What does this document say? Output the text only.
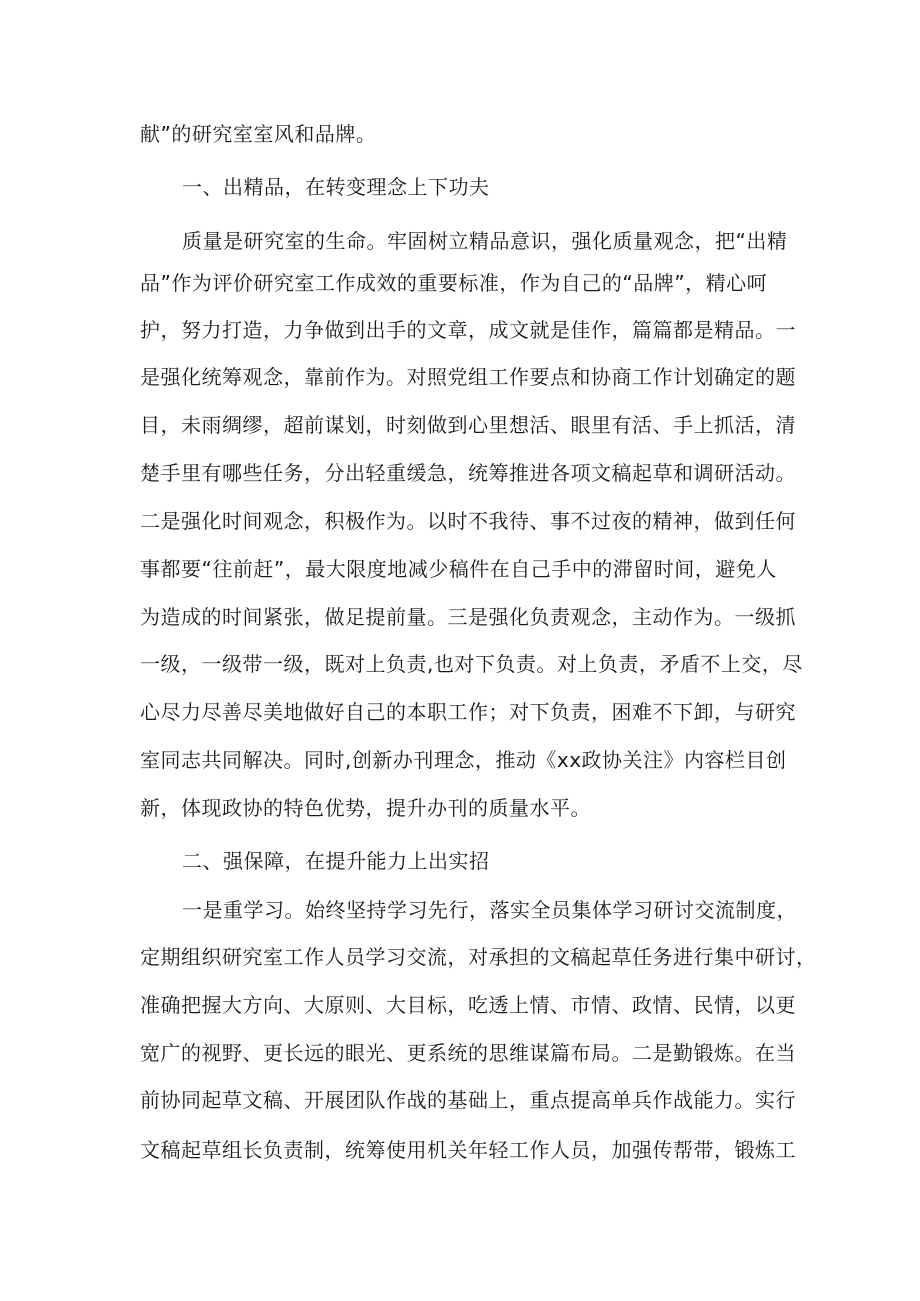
献”的研究室室风和品牌。
一、出精品，在转变理念上下功夫
质量是研究室的生命。牢固树立精品意识，强化质量观念，把“出精
品”作为评价研究室工作成效的重要标准，作为自己的“品牌”，精心呵
护，努力打造，力争做到出手的文章，成文就是佳作，篇篇都是精品。一
是强化统筹观念，靠前作为。对照党组工作要点和协商工作计划确定的题
目，未雨绸缪，超前谋划，时刻做到心里想活、眼里有活、手上抓活，清
楚手里有哪些任务，分出轻重缓急，统筹推进各项文稿起草和调研活动。
二是强化时间观念，积极作为。以时不我待、事不过夜的精神，做到任何
事都要“往前赶”，最大限度地减少稿件在自己手中的滞留时间，避免人
为造成的时间紧张，做足提前量。三是强化负责观念，主动作为。一级抓
一级，一级带一级，既对上负责,也对下负责。对上负责，矛盾不上交，尽
心尽力尽善尽美地做好自己的本职工作；对下负责，困难不下卸，与研究
室同志共同解决。同时,创新办刊理念，推动《xx政协关注》内容栏目创
新，体现政协的特色优势，提升办刊的质量水平。
二、强保障，在提升能力上出实招
一是重学习。始终坚持学习先行，落实全员集体学习研讨交流制度，
定期组织研究室工作人员学习交流，对承担的文稿起草任务进行集中研讨，
准确把握大方向、大原则、大目标，吃透上情、市情、政情、民情，以更
宽广的视野、更长远的眼光、更系统的思维谋篇布局。二是勤锻炼。在当
前协同起草文稿、开展团队作战的基础上，重点提高单兵作战能力。实行
文稿起草组长负责制，统筹使用机关年轻工作人员，加强传帮带，锻炼工
